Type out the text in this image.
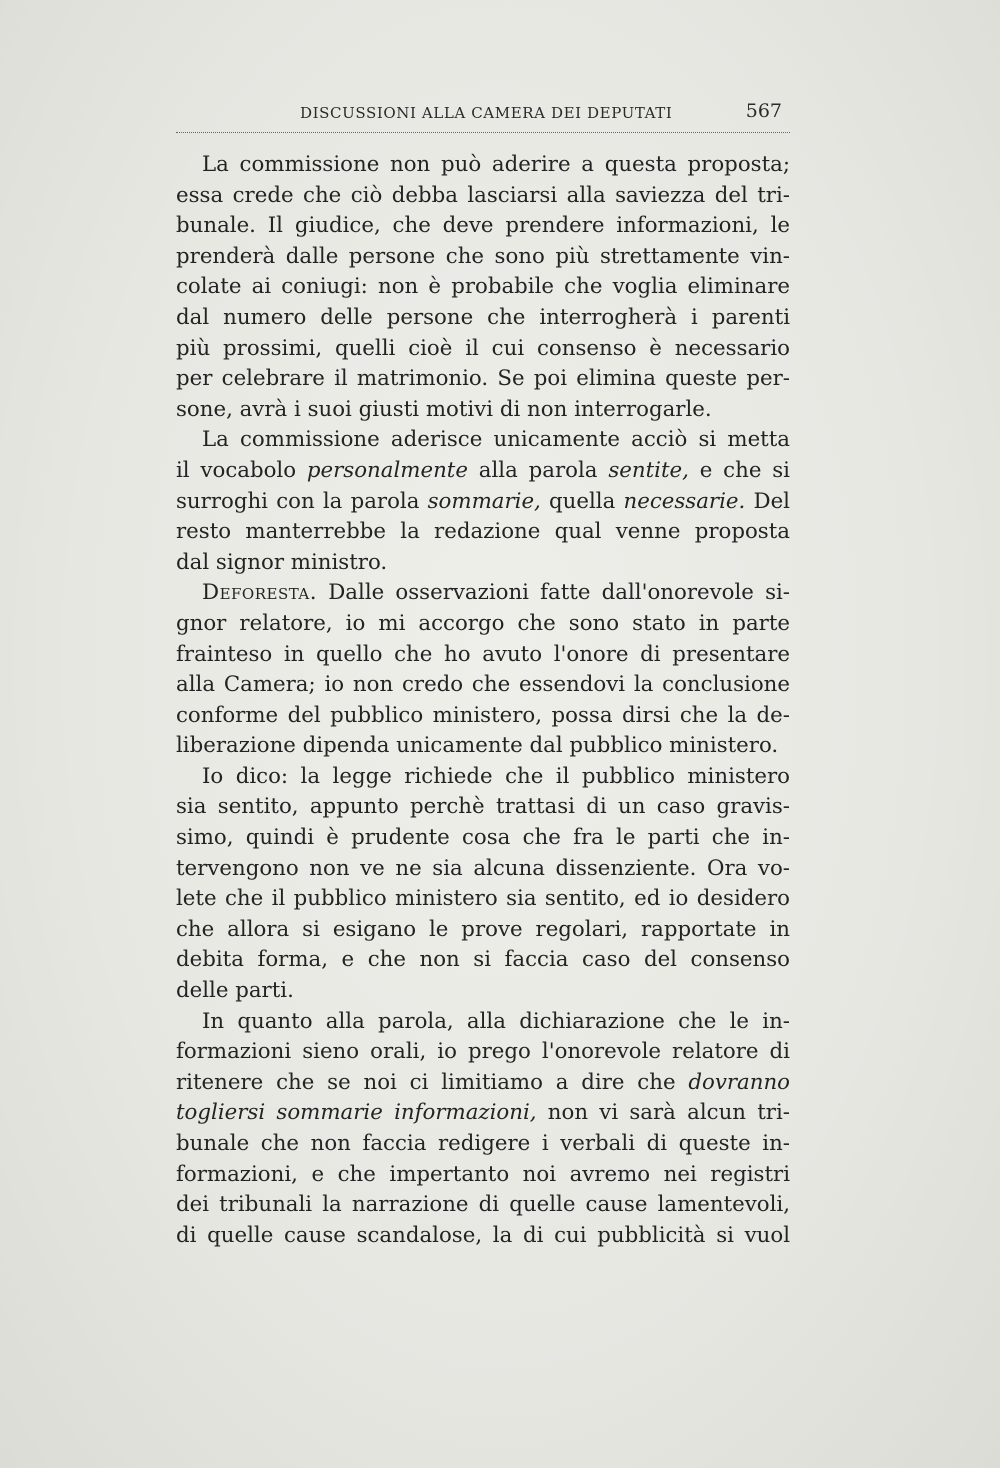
DISCUSSIONI ALLA CAMERA DEI DEPUTATI	567
La commissione non può aderire a questa proposta;
essa crede che ciò debba lasciarsi alla saviezza del tri-
bunale. Il giudice, che deve prendere informazioni, le
prenderà dalle persone che sono più strettamente vin-
colate ai coniugi: non è probabile che voglia eliminare
dal numero delle persone che interrogherà i parenti
più prossimi, quelli cioè il cui consenso è necessario
per celebrare il matrimonio. Se poi elimina queste per-
sone, avrà i suoi giusti motivi di non interrogarle.
La commissione aderisce unicamente acciò si metta
il vocabolo personalmente alla parola sentite, e che si
surroghi con la parola sommarie, quella necessarie. Del
resto manterrebbe la redazione qual venne proposta
dal signor ministro.
Deforesta. Dalle osservazioni fatte dall'onorevole si-
gnor relatore, io mi accorgo che sono stato in parte
frainteso in quello che ho avuto l'onore di presentare
alla Camera; io non credo che essendovi la conclusione
conforme del pubblico ministero, possa dirsi che la de-
liberazione dipenda unicamente dal pubblico ministero.
Io dico: la legge richiede che il pubblico ministero
sia sentito, appunto perchè trattasi di un caso gravis-
simo, quindi è prudente cosa che fra le parti che in-
tervengono non ve ne sia alcuna dissenziente. Ora vo-
lete che il pubblico ministero sia sentito, ed io desidero
che allora si esigano le prove regolari, rapportate in
debita forma, e che non si faccia caso del consenso
delle parti.
In quanto alla parola, alla dichiarazione che le in-
formazioni sieno orali, io prego l'onorevole relatore di
ritenere che se noi ci limitiamo a dire che dovranno
togliersi sommarie informazioni, non vi sarà alcun tri-
bunale che non faccia redigere i verbali di queste in-
formazioni, e che impertanto noi avremo nei registri
dei tribunali la narrazione di quelle cause lamentevoli,
di quelle cause scandalose, la di cui pubblicità si vuol
